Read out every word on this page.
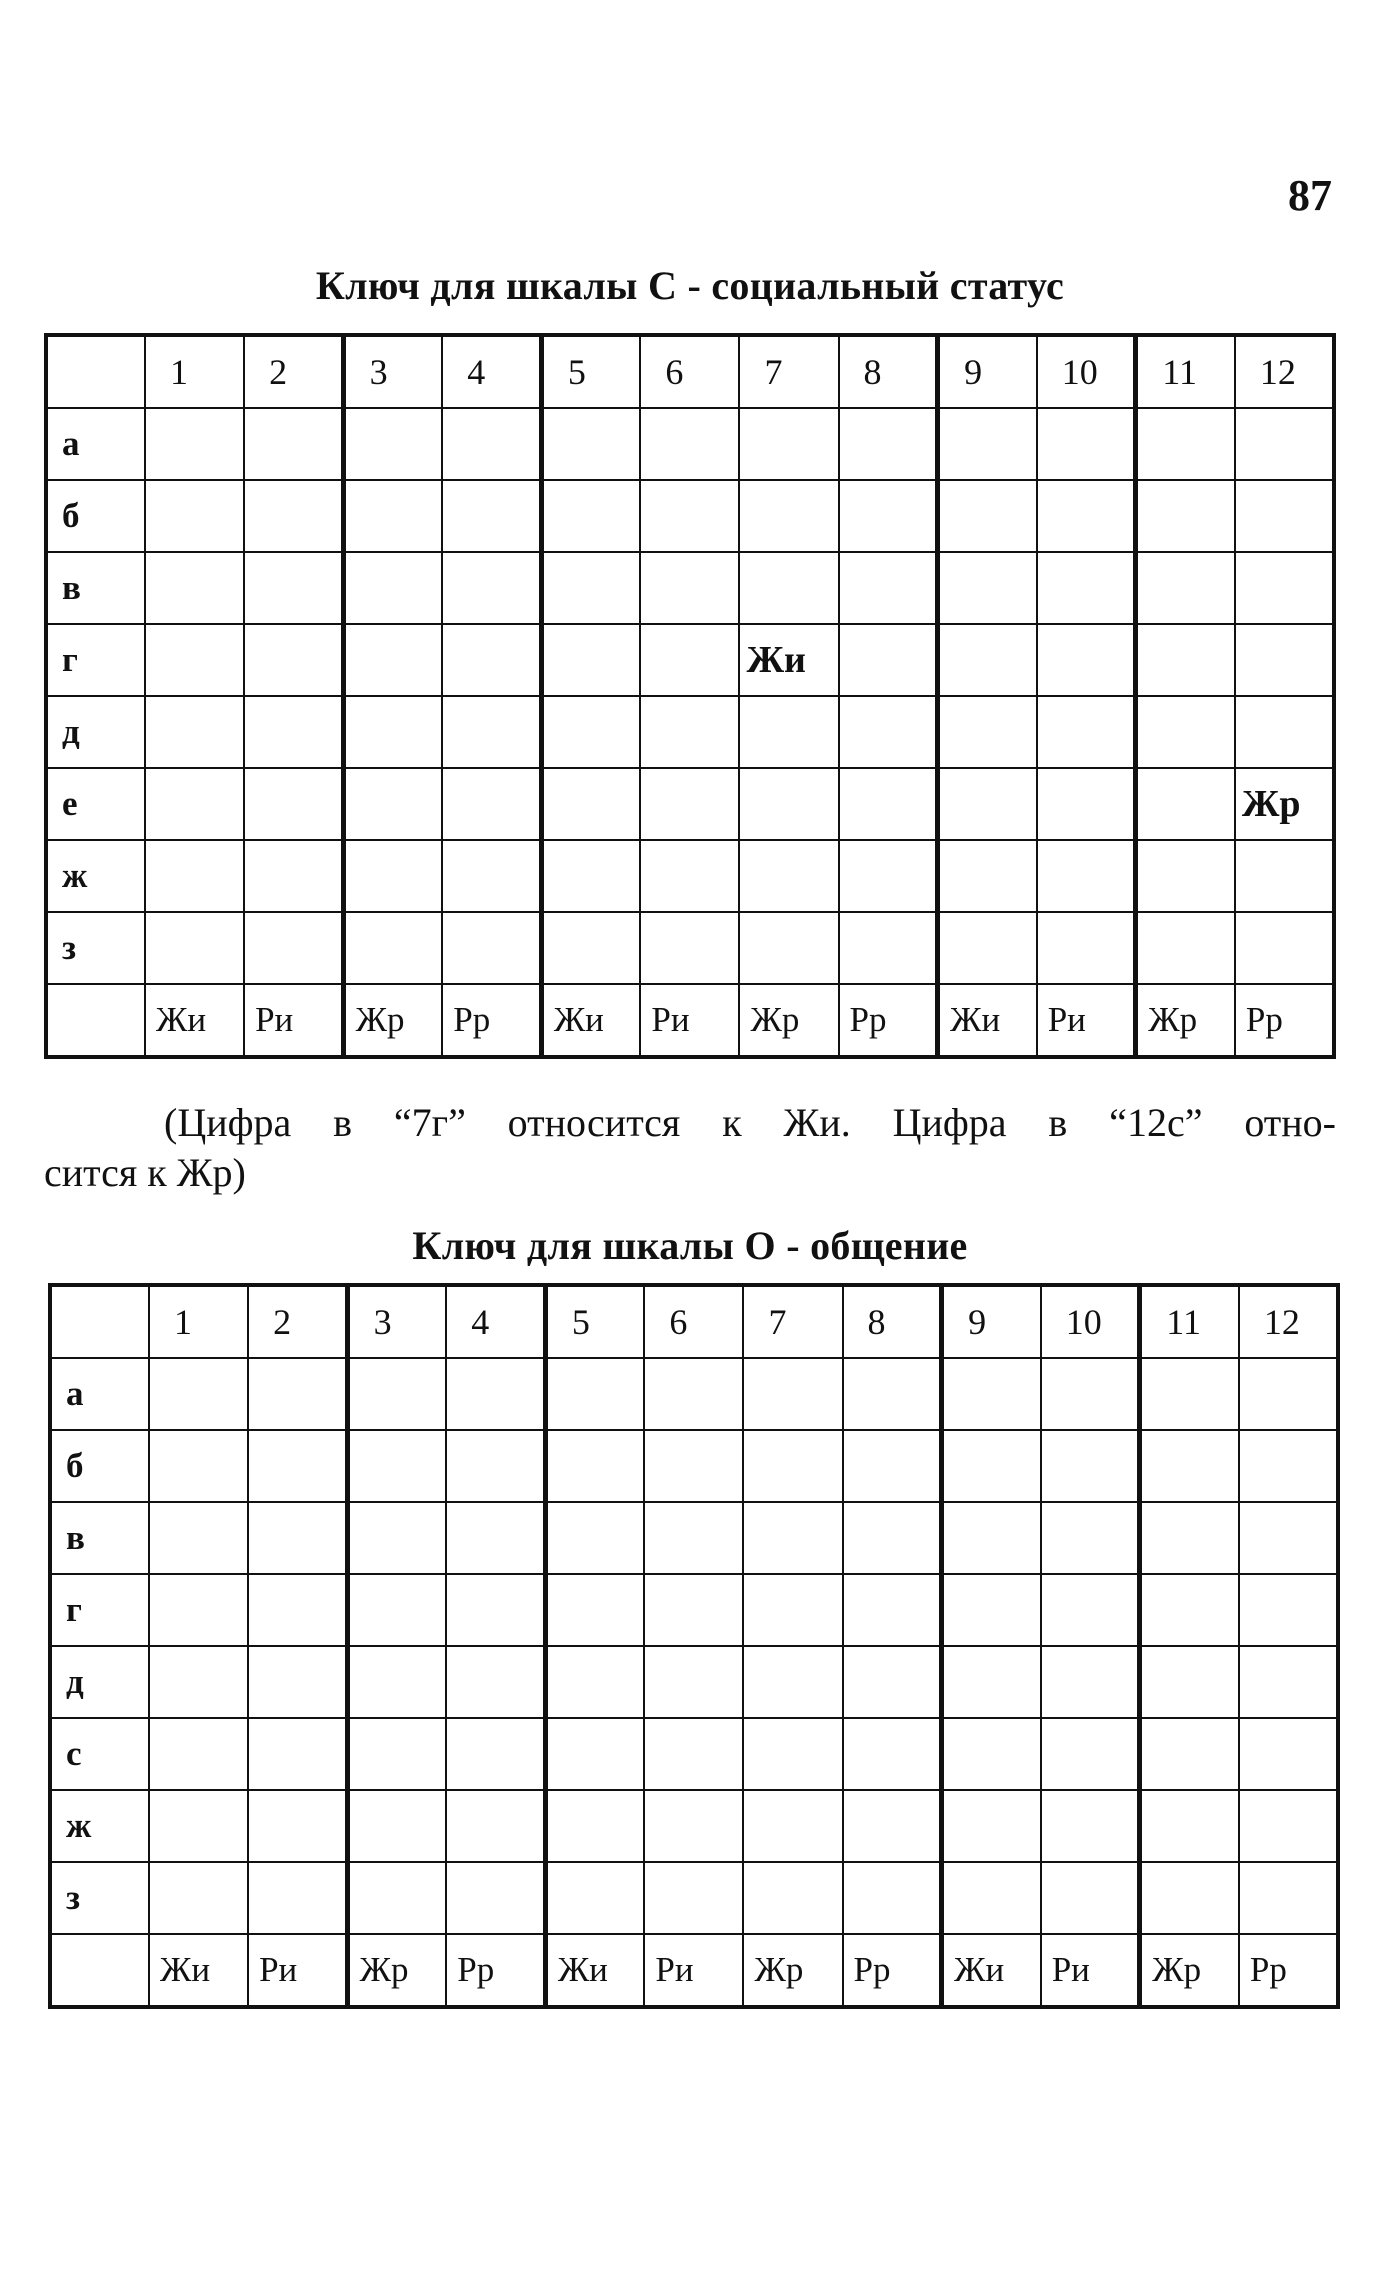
87
Ключ для шкалы С - социальный статус
	1	2	3	4	5	6	7	8	9	10	11	12
а												
б												
в												
г							Жи					
д												
е												Жр
ж												
з												
	Жи	Ри	Жр	Рр	Жи	Ри	Жр	Рр	Жи	Ри	Жр	Рр
(Цифра в “7г” относится к Жи. Цифра в “12с” отно-
сится к Жр)
Ключ для шкалы О - общение
	1	2	3	4	5	6	7	8	9	10	11	12
а												
б												
в												
г												
д												
с												
ж												
з												
	Жи	Ри	Жр	Рр	Жи	Ри	Жр	Рр	Жи	Ри	Жр	Рр
